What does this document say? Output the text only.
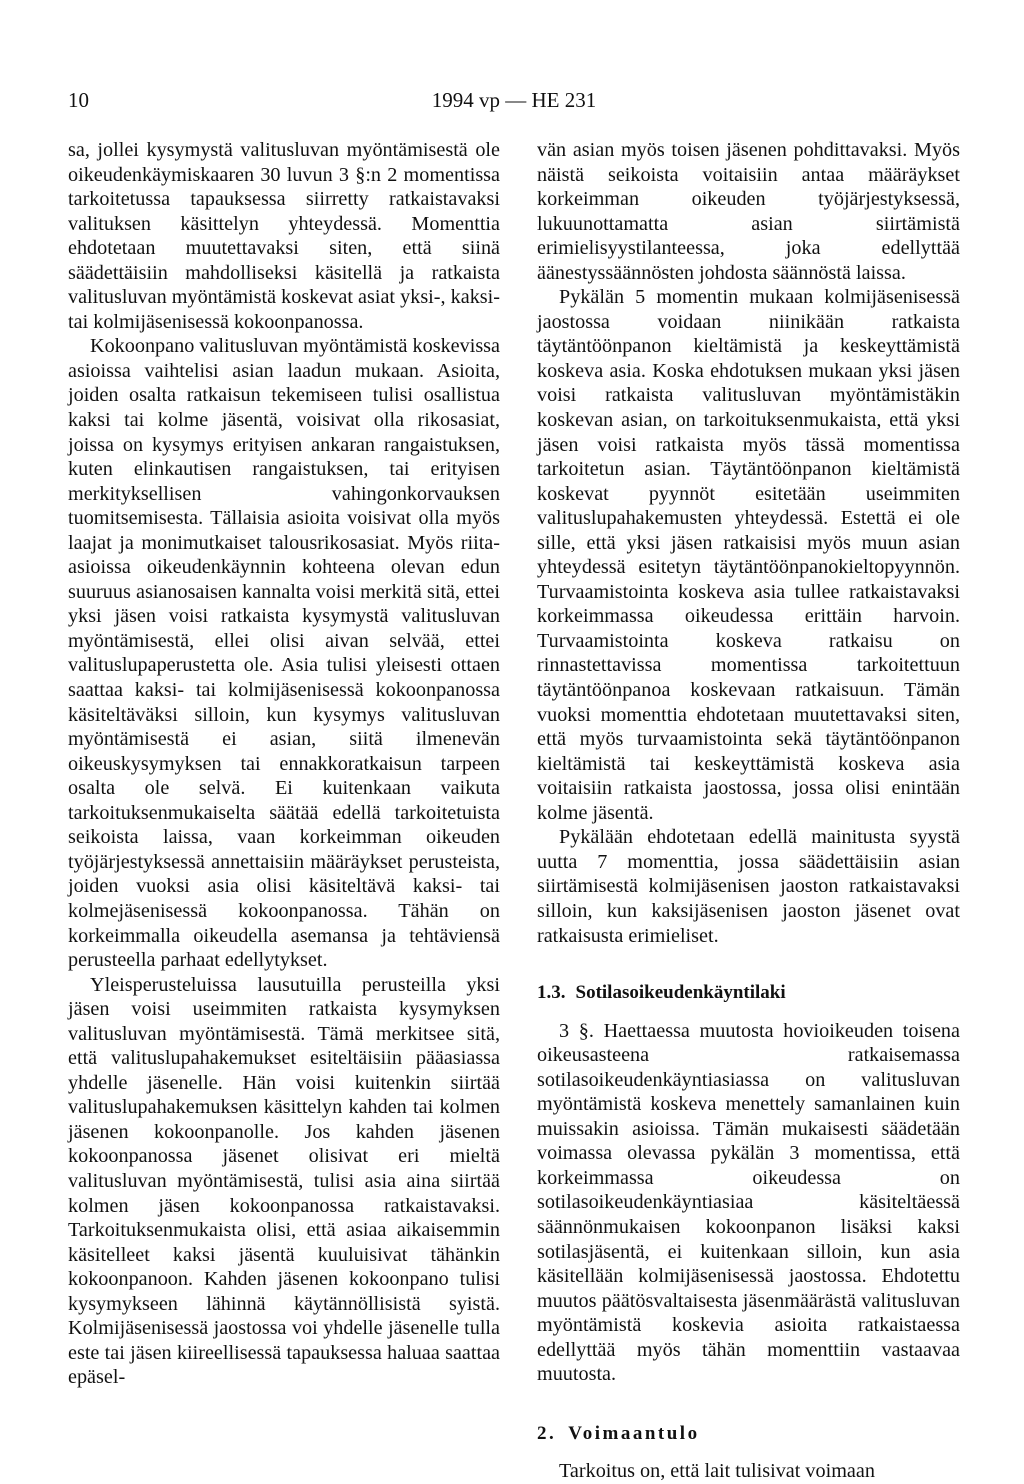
10	1994 vp — HE 231

sa, jollei kysymystä valitusluvan myöntämisestä ole oikeudenkäymiskaaren 30 luvun 3 §:n 2 momentissa tarkoitetussa tapauksessa siirretty ratkaistavaksi valituksen käsittelyn yhteydessä. Momenttia ehdotetaan muutettavaksi siten, että siinä säädettäisiin mahdolliseksi käsitellä ja ratkaista valitusluvan myöntämistä koskevat asiat yksi-, kaksi- tai kolmijäsenisessä kokoonpanossa.

Kokoonpano valitusluvan myöntämistä koskevissa asioissa vaihtelisi asian laadun mukaan. Asioita, joiden osalta ratkaisun tekemiseen tulisi osallistua kaksi tai kolme jäsentä, voisivat olla rikosasiat, joissa on kysymys erityisen ankaran rangaistuksen, kuten elinkautisen rangaistuksen, tai erityisen merkityksellisen vahingonkorvauksen tuomitsemisesta. Tällaisia asioita voisivat olla myös laajat ja monimutkaiset talousrikosasiat. Myös riita-asioissa oikeudenkäynnin kohteena olevan edun suuruus asianosaisen kannalta voisi merkitä sitä, ettei yksi jäsen voisi ratkaista kysymystä valitusluvan myöntämisestä, ellei olisi aivan selvää, ettei valituslupaperustetta ole. Asia tulisi yleisesti ottaen saattaa kaksi- tai kolmijäsenisessä kokoonpanossa käsiteltäväksi silloin, kun kysymys valitusluvan myöntämisestä ei asian, siitä ilmenevän oikeuskysymyksen tai ennakkoratkaisun tarpeen osalta ole selvä. Ei kuitenkaan vaikuta tarkoituksenmukaiselta säätää edellä tarkoitetuista seikoista laissa, vaan korkeimman oikeuden työjärjestyksessä annettaisiin määräykset perusteista, joiden vuoksi asia olisi käsiteltävä kaksi- tai kolmejäsenisessä kokoonpanossa. Tähän on korkeimmalla oikeudella asemansa ja tehtäviensä perusteella parhaat edellytykset.

Yleisperusteluissa lausutuilla perusteilla yksi jäsen voisi useimmiten ratkaista kysymyksen valitusluvan myöntämisestä. Tämä merkitsee sitä, että valituslupahakemukset esiteltäisiin pääasiassa yhdelle jäsenelle. Hän voisi kuitenkin siirtää valituslupahakemuksen käsittelyn kahden tai kolmen jäsenen kokoonpanolle. Jos kahden jäsenen kokoonpanossa jäsenet olisivat eri mieltä valitusluvan myöntämisestä, tulisi asia aina siirtää kolmen jäsen kokoonpanossa ratkaistavaksi. Tarkoituksenmukaista olisi, että asiaa aikaisemmin käsitelleet kaksi jäsentä kuuluisivat tähänkin kokoonpanoon. Kahden jäsenen kokoonpano tulisi kysymykseen lähinnä käytännöllisistä syistä. Kolmijäsenisessä jaostossa voi yhdelle jäsenelle tulla este tai jäsen kiireellisessä tapauksessa haluaa saattaa epäsel-

vän asian myös toisen jäsenen pohdittavaksi. Myös näistä seikoista voitaisiin antaa määräykset korkeimman oikeuden työjärjestyksessä, lukuunottamatta asian siirtämistä erimielisyystilanteessa, joka edellyttää äänestyssäännösten johdosta säännöstä laissa.

Pykälän 5 momentin mukaan kolmijäsenisessä jaostossa voidaan niinikään ratkaista täytäntöönpanon kieltämistä ja keskeyttämistä koskeva asia. Koska ehdotuksen mukaan yksi jäsen voisi ratkaista valitusluvan myöntämistäkin koskevan asian, on tarkoituksenmukaista, että yksi jäsen voisi ratkaista myös tässä momentissa tarkoitetun asian. Täytäntöönpanon kieltämistä koskevat pyynnöt esitetään useimmiten valituslupahakemusten yhteydessä. Estettä ei ole sille, että yksi jäsen ratkaisisi myös muun asian yhteydessä esitetyn täytäntöönpanokieltopyynnön. Turvaamistointa koskeva asia tullee ratkaistavaksi korkeimmassa oikeudessa erittäin harvoin. Turvaamistointa koskeva ratkaisu on rinnastettavissa momentissa tarkoitettuun täytäntöönpanoa koskevaan ratkaisuun. Tämän vuoksi momenttia ehdotetaan muutettavaksi siten, että myös turvaamistointa sekä täytäntöönpanon kieltämistä tai keskeyttämistä koskeva asia voitaisiin ratkaista jaostossa, jossa olisi enintään kolme jäsentä.

Pykälään ehdotetaan edellä mainitusta syystä uutta 7 momenttia, jossa säädettäisiin asian siirtämisestä kolmijäsenisen jaoston ratkaistavaksi silloin, kun kaksijäsenisen jaoston jäsenet ovat ratkaisusta erimieliset.

1.3. Sotilasoikeudenkäyntilaki

3 §. Haettaessa muutosta hovioikeuden toisena oikeusasteena ratkaisemassa sotilasoikeudenkäyntiasiassa on valitusluvan myöntämistä koskeva menettely samanlainen kuin muissakin asioissa. Tämän mukaisesti säädetään voimassa olevassa pykälän 3 momentissa, että korkeimmassa oikeudessa on sotilasoikeudenkäyntiasiaa käsiteltäessä säännönmukaisen kokoonpanon lisäksi kaksi sotilasjäsentä, ei kuitenkaan silloin, kun asia käsitellään kolmijäsenisessä jaostossa. Ehdotettu muutos päätösvaltaisesta jäsenmäärästä valitusluvan myöntämistä koskevia asioita ratkaistaessa edellyttää myös tähän momenttiin vastaavaa muutosta.

2. Voimaantulo

Tarkoitus on, että lait tulisivat voimaan
